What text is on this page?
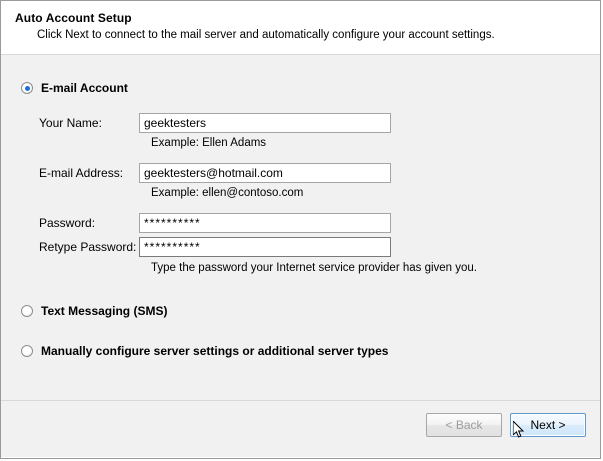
Auto Account Setup
Click Next to connect to the mail server and automatically configure your account settings.
E-mail Account
Your Name:
geektesters
Example: Ellen Adams
E-mail Address:
geektesters@hotmail.com
Example: ellen@contoso.com
Password:
**********
Retype Password:
**********
Type the password your Internet service provider has given you.
Text Messaging (SMS)
Manually configure server settings or additional server types
< Back	Next >
